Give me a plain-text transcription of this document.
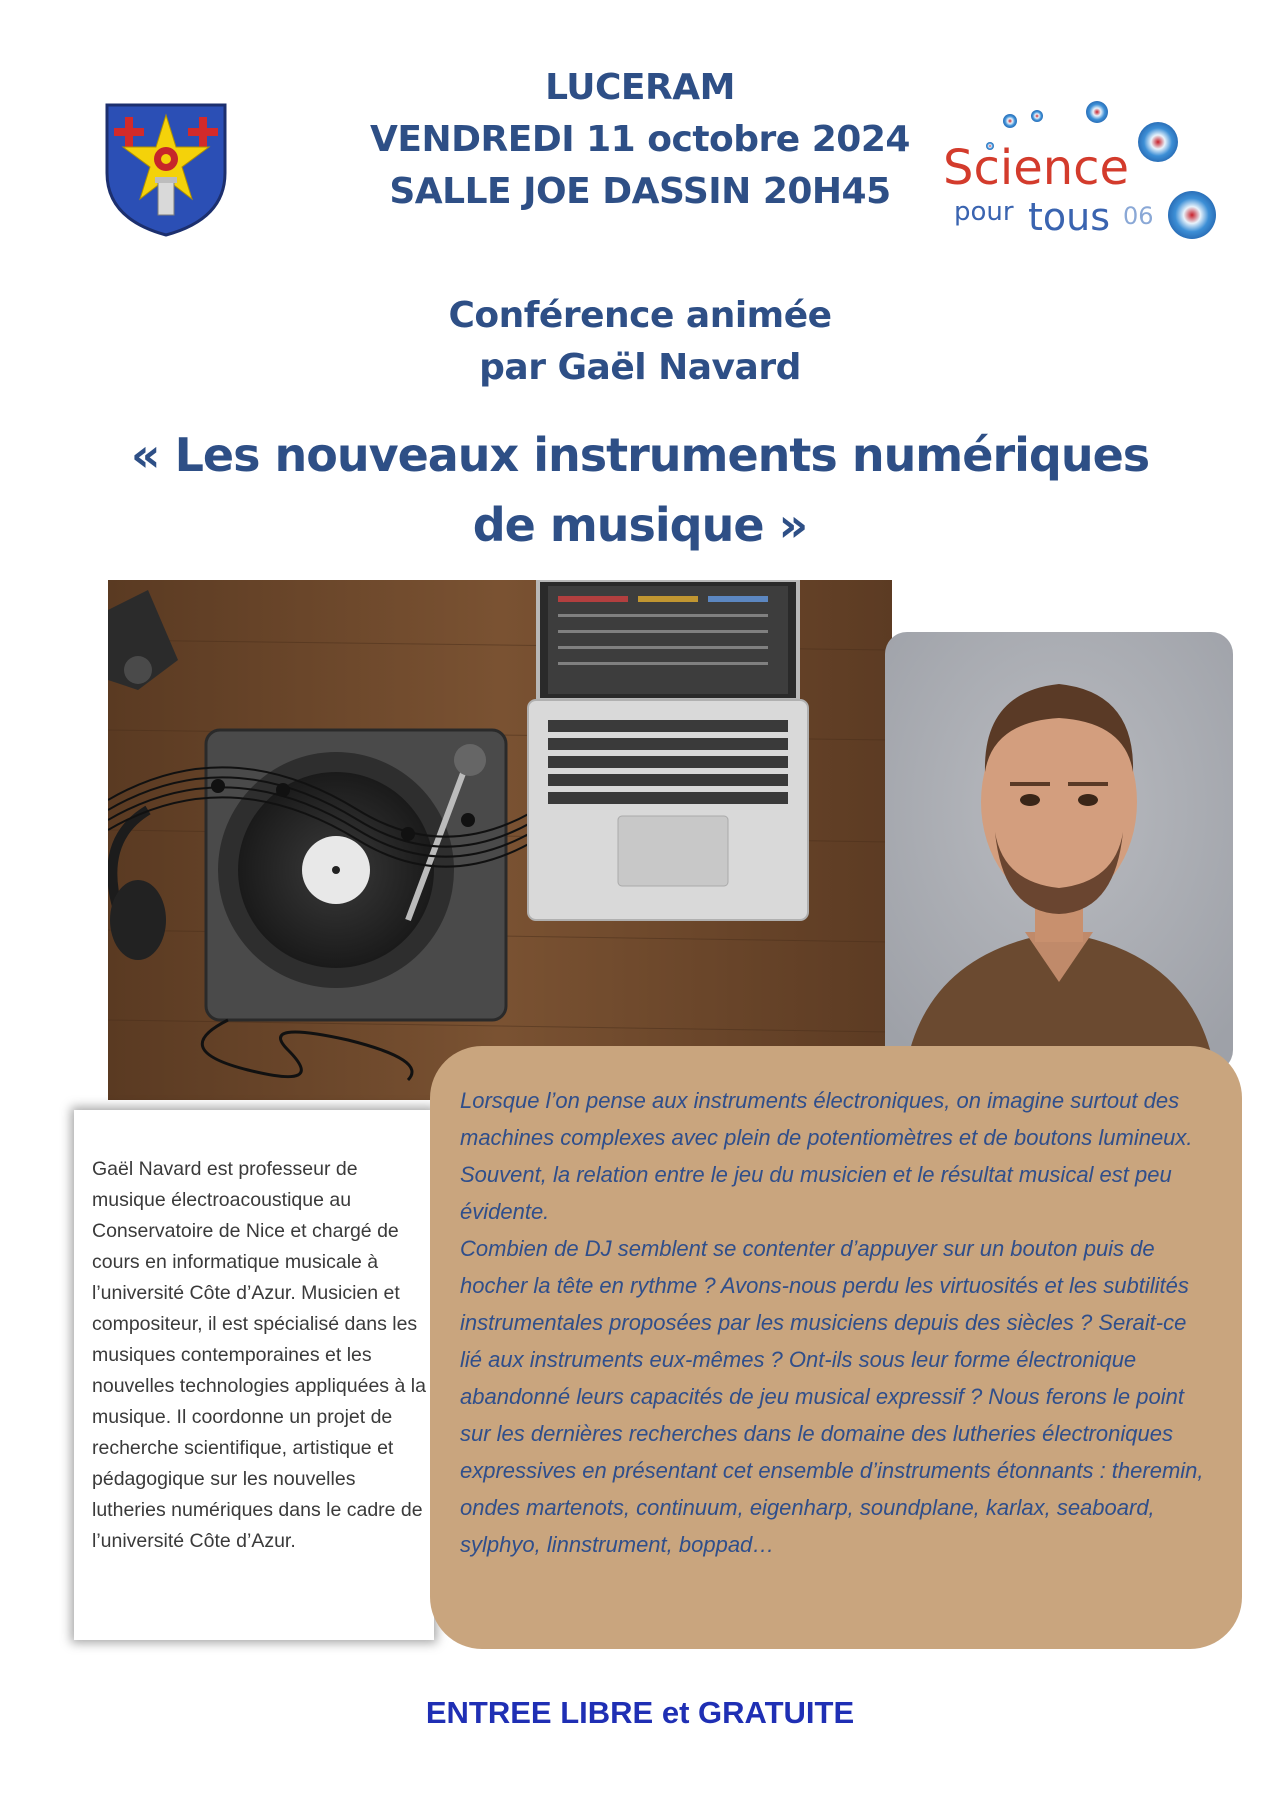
LUCERAM
VENDREDI 11 octobre 2024
SALLE JOE DASSIN 20H45	Science
pour tous 06
Conférence animée
par Gaël Navard
« Les nouveaux instruments numériques
de musique »

Gaël Navard est professeur de musique électroacoustique au Conservatoire de Nice et chargé de cours en informatique musicale à l’université Côte d’Azur. Musicien et compositeur, il est spécialisé dans les musiques contemporaines et les nouvelles technologies appliquées à la musique. Il coordonne un projet de recherche scientifique, artistique et pédagogique sur les nouvelles lutheries numériques dans le cadre de l’université Côte d’Azur.

Lorsque l’on pense aux instruments électroniques, on imagine surtout des machines complexes avec plein de potentiomètres et de boutons lumineux. Souvent, la relation entre le jeu du musicien et le résultat musical est peu évidente.

Combien de DJ semblent se contenter d’appuyer sur un bouton puis de hocher la tête en rythme ? Avons-nous perdu les virtuosités et les subtilités instrumentales proposées par les musiciens depuis des siècles ? Serait-ce lié aux instruments eux-mêmes ? Ont-ils sous leur forme électronique abandonné leurs capacités de jeu musical expressif ? Nous ferons le point sur les dernières recherches dans le domaine des lutheries électroniques expressives en présentant cet ensemble d’instruments étonnants : theremin, ondes martenots, continuum, eigenharp, soundplane, karlax, seaboard, sylphyo, linnstrument, boppad…

ENTREE LIBRE et GRATUITE
